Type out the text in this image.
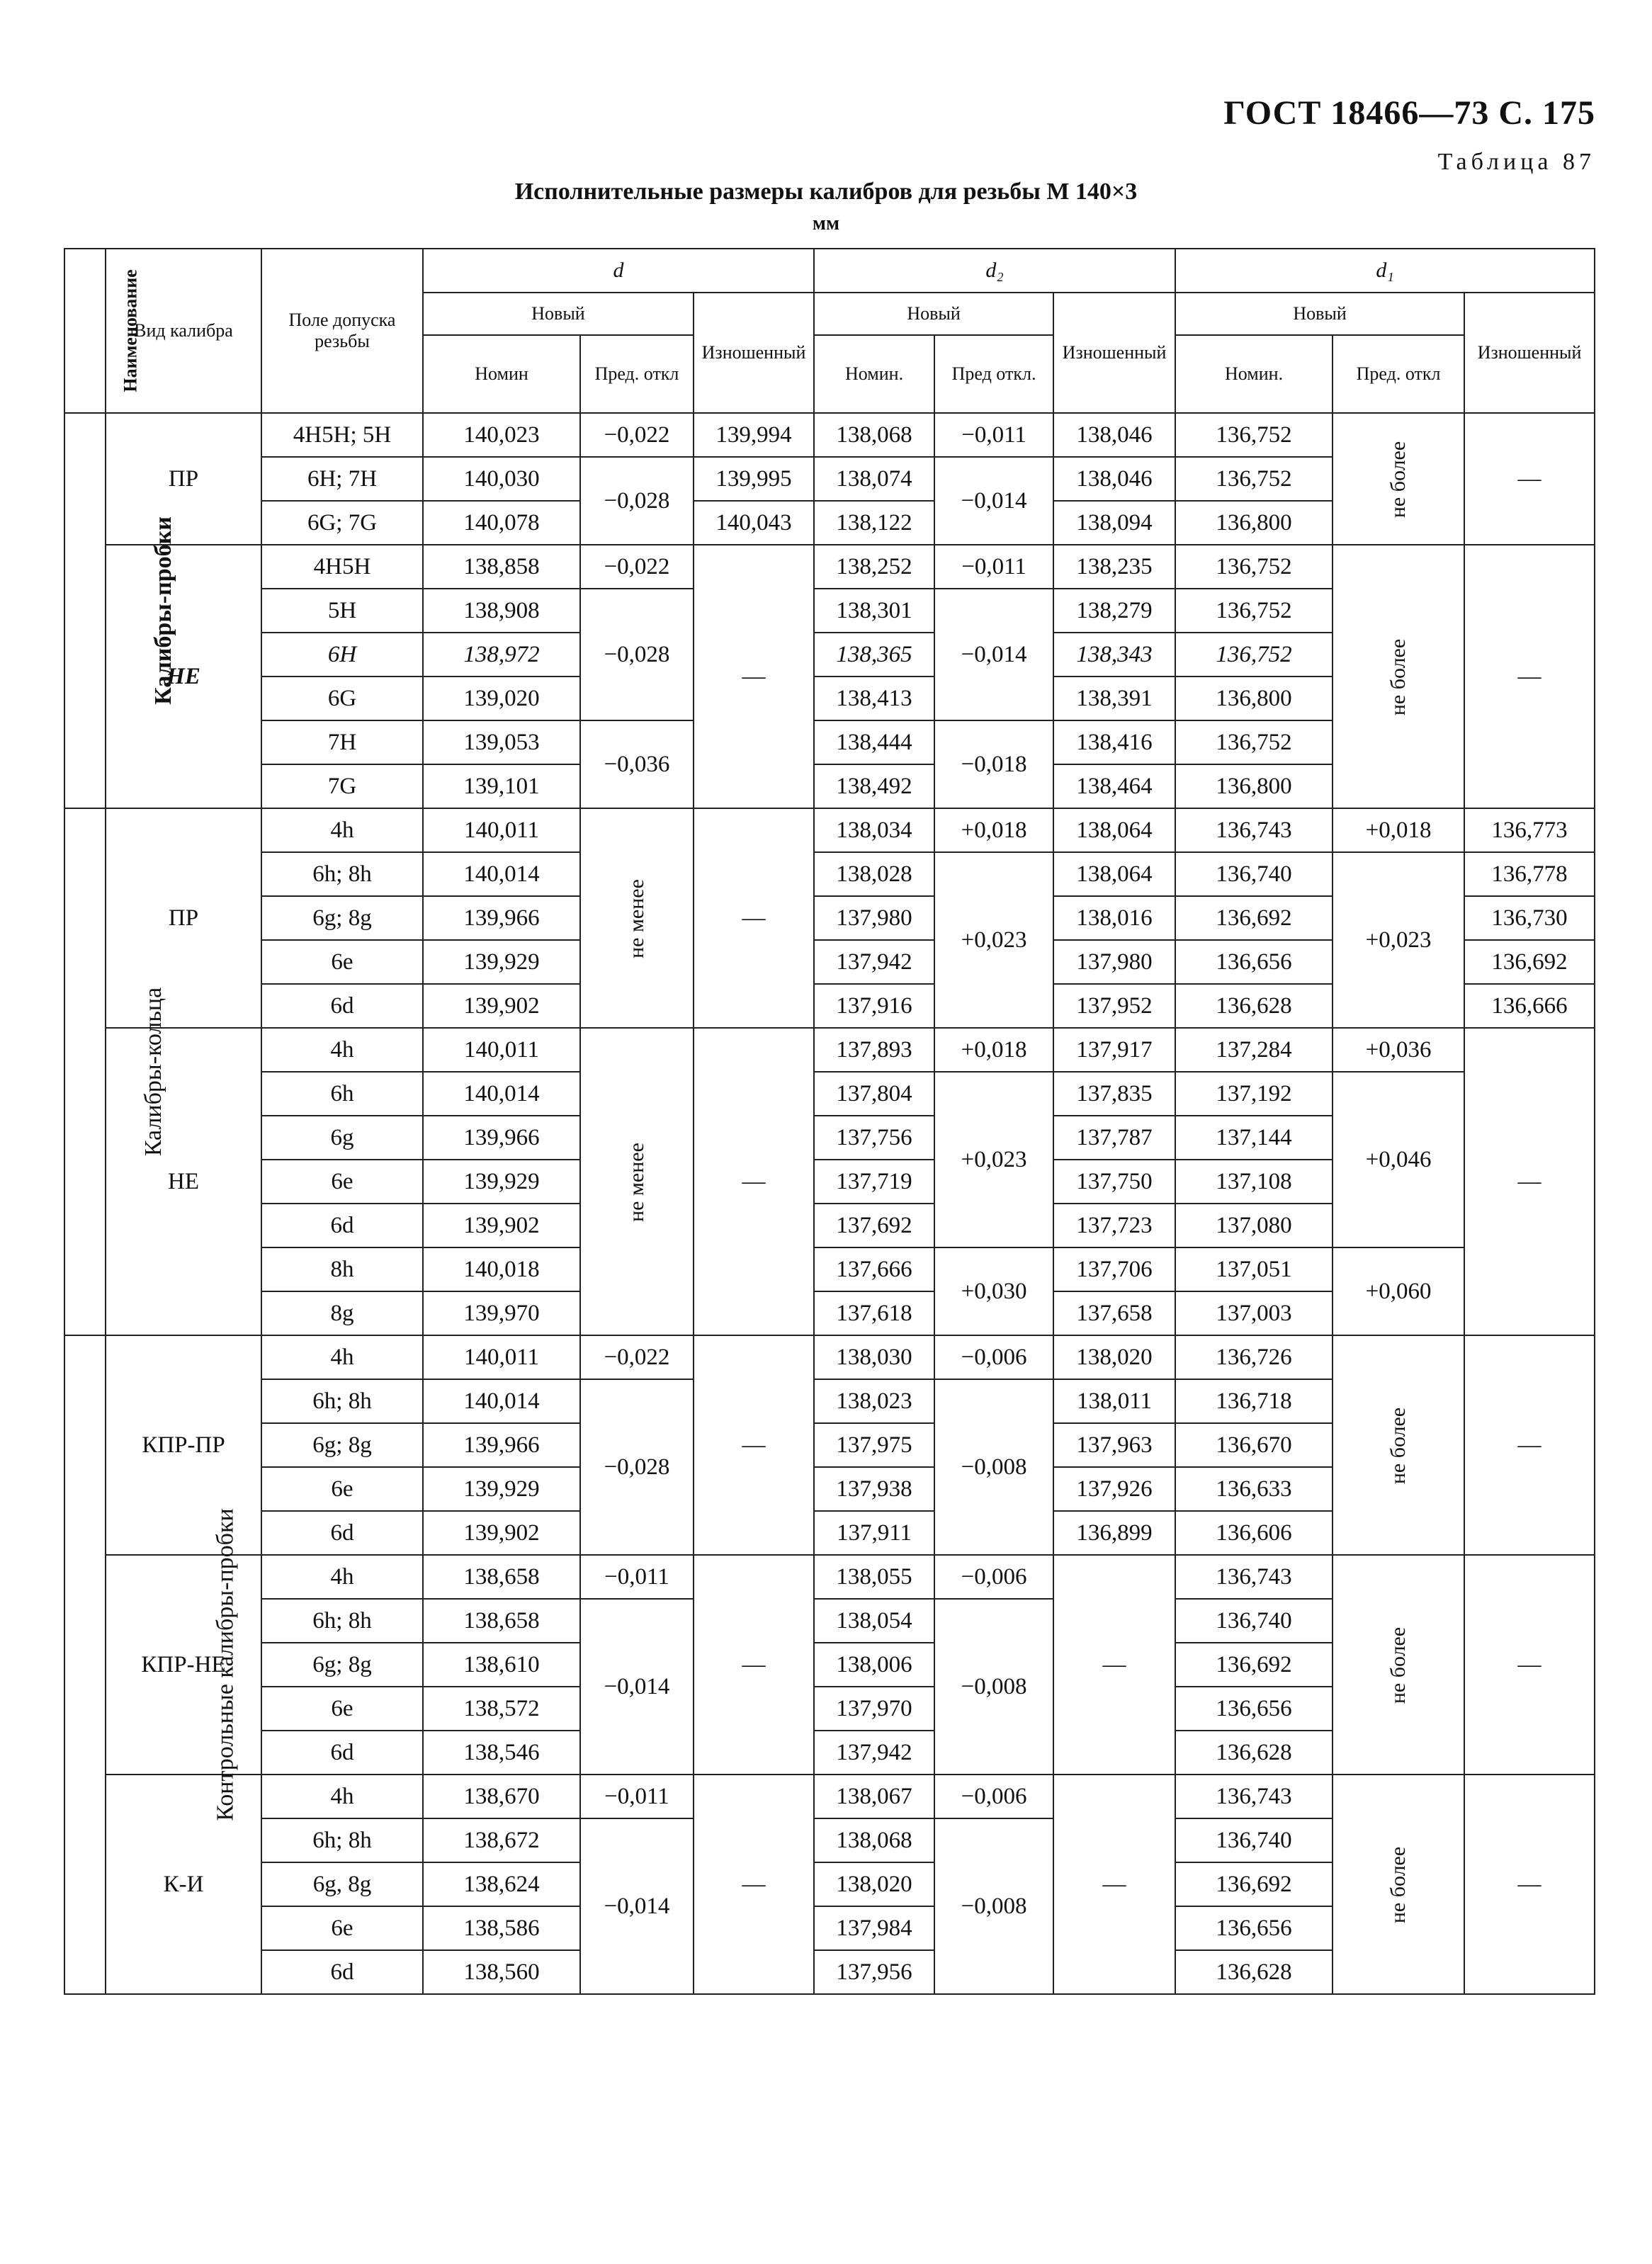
ГОСТ 18466—73 С. 175
Таблица 87
Исполнительные размеры калибров для резьбы М 140×3
мм
Наименование	Вид калибра	Поле допуска резьбы	d			d₂			d₁		
			Новый		Изношенный	Новый		Изношенный	Новый		Изношенный
			Номин	Пред. откл		Номин.	Пред откл.		Номин.	Пред. откл	
Калибры-пробки	ПР	4H5H; 5H	140,023	−0,022	139,994	138,068	−0,011	138,046	136,752	не более	—
		6H; 7H	140,030	−0,028	139,995	138,074	−0,014	138,046	136,752		
		6G; 7G	140,078		140,043	138,122		138,094	136,800		
	НЕ	4H5H	138,858	−0,022	—	138,252	−0,011	138,235	136,752	не более	—
		5H	138,908	−0,028		138,301	−0,014	138,279	136,752		
		6H	138,972			138,365		138,343	136,752		
		6G	139,020			138,413		138,391	136,800		
		7H	139,053	−0,036		138,444	−0,018	138,416	136,752		
		7G	139,101			138,492		138,464	136,800		
Калибры-кольца	ПР	4h	140,011	не менее	—	138,034	+0,018	138,064	136,743	+0,018	136,773
		6h; 8h	140,014			138,028	+0,023	138,064	136,740	+0,023	136,778
		6g; 8g	139,966			137,980		138,016	136,692		136,730
		6e	139,929			137,942		137,980	136,656		136,692
		6d	139,902			137,916		137,952	136,628		136,666
	НЕ	4h	140,011	не менее	—	137,893	+0,018	137,917	137,284	+0,036	—
		6h	140,014			137,804	+0,023	137,835	137,192	+0,046	
		6g	139,966			137,756		137,787	137,144		
		6e	139,929			137,719		137,750	137,108		
		6d	139,902			137,692		137,723	137,080		
		8h	140,018			137,666	+0,030	137,706	137,051	+0,060	
		8g	139,970			137,618		137,658	137,003		
Контрольные калибры-пробки	КПР-ПР	4h	140,011	−0,022	—	138,030	−0,006	138,020	136,726	не более	—
		6h; 8h	140,014	−0,028		138,023	−0,008	138,011	136,718		
		6g; 8g	139,966			137,975		137,963	136,670		
		6e	139,929			137,938		137,926	136,633		
		6d	139,902			137,911		136,899	136,606		
	КПР-НЕ	4h	138,658	−0,011	—	138,055	−0,006	—	136,743	не более	—
		6h; 8h	138,658	−0,014		138,054	−0,008		136,740		
		6g; 8g	138,610			138,006			136,692		
		6e	138,572			137,970			136,656		
		6d	138,546			137,942			136,628		
	К-И	4h	138,670	−0,011	—	138,067	−0,006	—	136,743	не более	—
		6h; 8h	138,672	−0,014		138,068	−0,008		136,740		
		6g, 8g	138,624			138,020			136,692		
		6e	138,586			137,984			136,656		
		6d	138,560			137,956			136,628		
